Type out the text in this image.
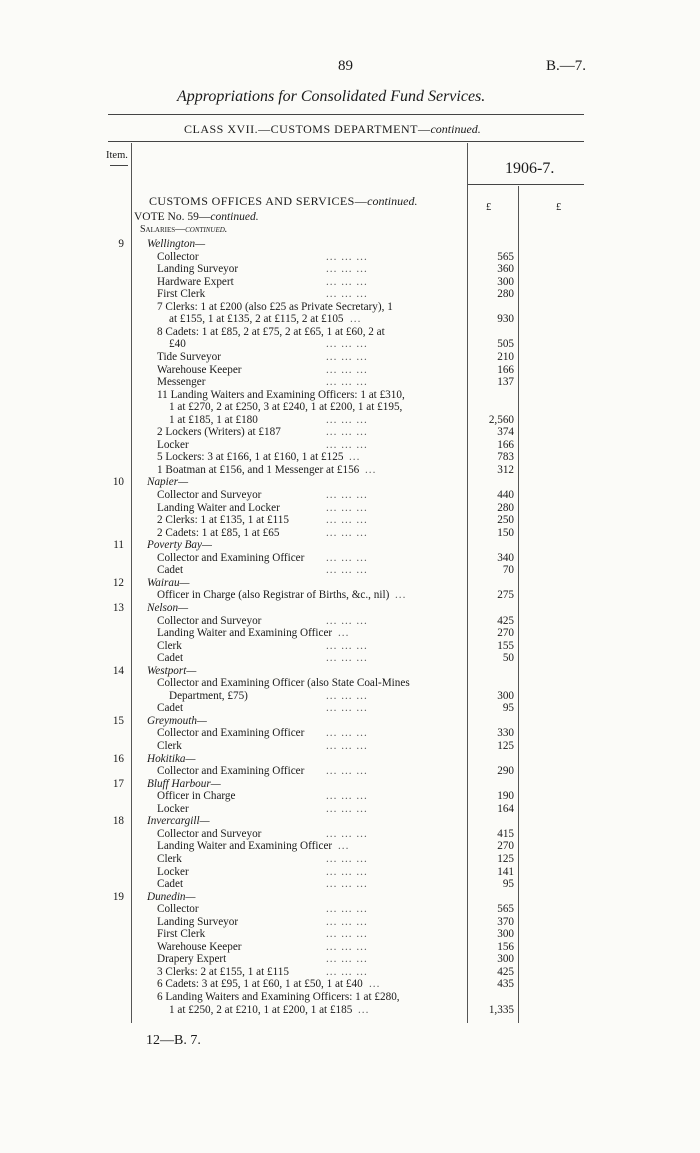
89	B.—7.
Appropriations for Consolidated Fund Services.
CLASS XVII.—CUSTOMS DEPARTMENT—continued.
Item.
1906-7.
£	£
CUSTOMS OFFICES AND SERVICES—continued.
VOTE No. 59—continued.
Salaries—continued.
9 Wellington—
Collector	... ... ...	565
Landing Surveyor	... ... ...	360
Hardware Expert	... ... ...	300
First Clerk	... ... ...	280
7 Clerks: 1 at £200 (also £25 as Private Secretary), 1
at £155, 1 at £135, 2 at £115, 2 at £105 ...	930
8 Cadets: 1 at £85, 2 at £75, 2 at £65, 1 at £60, 2 at
£40	... ... ...	505
Tide Surveyor	... ... ...	210
Warehouse Keeper	... ... ...	166
Messenger	... ... ...	137
11 Landing Waiters and Examining Officers: 1 at £310,
1 at £270, 2 at £250, 3 at £240, 1 at £200, 1 at £195,
1 at £185, 1 at £180	... ... ...	2,560
2 Lockers (Writers) at £187	... ... ...	374
Locker	... ... ...	166
5 Lockers: 3 at £166, 1 at £160, 1 at £125 ...	783
1 Boatman at £156, and 1 Messenger at £156 ...	312
10 Napier—
Collector and Surveyor	... ... ...	440
Landing Waiter and Locker	... ... ...	280
2 Clerks: 1 at £135, 1 at £115	... ... ...	250
2 Cadets: 1 at £85, 1 at £65	... ... ...	150
11 Poverty Bay—
Collector and Examining Officer ... ... ...	340
Cadet	... ... ...	70
12 Wairau—
Officer in Charge (also Registrar of Births, &c., nil) ...	275
13 Nelson—
Collector and Surveyor	... ... ...	425
Landing Waiter and Examining Officer ...	270
Clerk	... ... ...	155
Cadet	... ... ...	50
14 Westport—
Collector and Examining Officer (also State Coal-Mines
Department, £75)	... ... ...	300
Cadet	... ... ...	95
15 Greymouth—
Collector and Examining Officer ... ... ...	330
Clerk	... ... ...	125
16 Hokitika—
Collector and Examining Officer ... ... ...	290
17 Bluff Harbour—
Officer in Charge	... ... ...	190
Locker	... ... ...	164
18 Invercargill—
Collector and Surveyor	... ... ...	415
Landing Waiter and Examining Officer ...	270
Clerk	... ... ...	125
Locker	... ... ...	141
Cadet	... ... ...	95
19 Dunedin—
Collector	... ... ...	565
Landing Surveyor	... ... ...	370
First Clerk	... ... ...	300
Warehouse Keeper	... ... ...	156
Drapery Expert	... ... ...	300
3 Clerks: 2 at £155, 1 at £115	... ... ...	425
6 Cadets: 3 at £95, 1 at £60, 1 at £50, 1 at £40 ...	435
6 Landing Waiters and Examining Officers: 1 at £280,
1 at £250, 2 at £210, 1 at £200, 1 at £185 ...	1,335
12—B. 7.
